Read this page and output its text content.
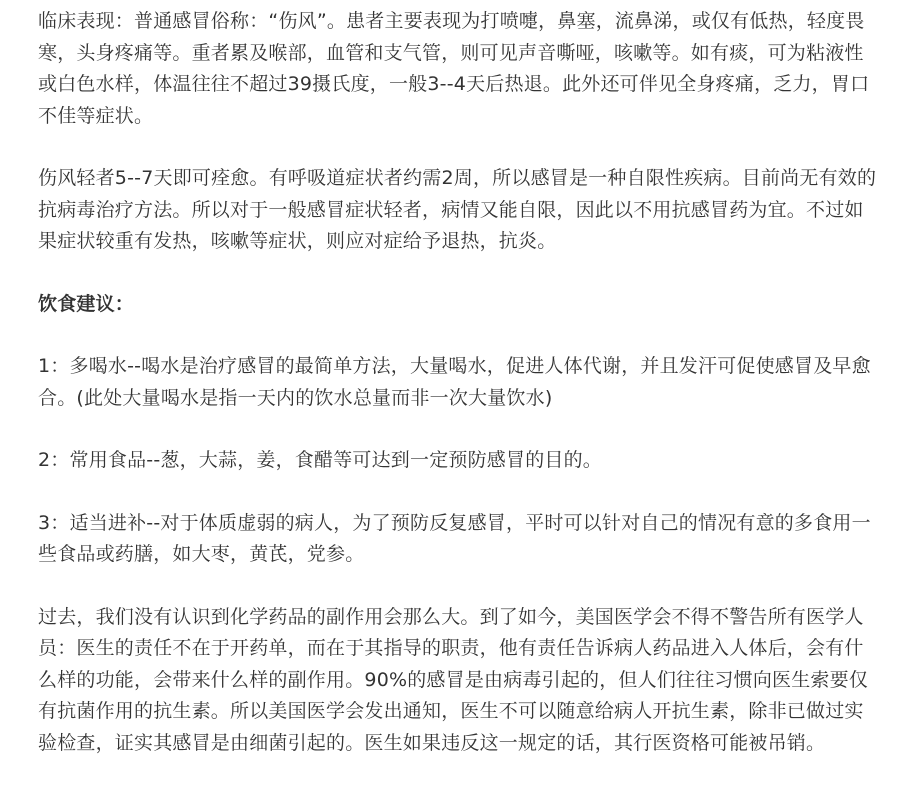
临床表现：普通感冒俗称：“伤风”。患者主要表现为打喷嚏，鼻塞，流鼻涕，或仅有低热，轻度畏寒，头身疼痛等。重者累及喉部，血管和支气管，则可见声音嘶哑，咳嗽等。如有痰，可为粘液性或白色水样，体温往往不超过39摄氏度，一般3--4天后热退。此外还可伴见全身疼痛，乏力，胃口不佳等症状。

伤风轻者5--7天即可痊愈。有呼吸道症状者约需2周，所以感冒是一种自限性疾病。目前尚无有效的抗病毒治疗方法。所以对于一般感冒症状轻者，病情又能自限，因此以不用抗感冒药为宜。不过如果症状较重有发热，咳嗽等症状，则应对症给予退热，抗炎。

饮食建议：

1：多喝水--喝水是治疗感冒的最简单方法，大量喝水，促进人体代谢，并且发汗可促使感冒及早愈合。(此处大量喝水是指一天内的饮水总量而非一次大量饮水)

2：常用食品--葱，大蒜，姜，食醋等可达到一定预防感冒的目的。

3：适当进补--对于体质虚弱的病人，为了预防反复感冒，平时可以针对自己的情况有意的多食用一些食品或药膳，如大枣，黄芪，党参。

过去，我们没有认识到化学药品的副作用会那么大。到了如今，美国医学会不得不警告所有医学人员：医生的责任不在于开药单，而在于其指导的职责，他有责任告诉病人药品进入人体后，会有什么样的功能，会带来什么样的副作用。90%的感冒是由病毒引起的，但人们往往习惯向医生索要仅有抗菌作用的抗生素。所以美国医学会发出通知，医生不可以随意给病人开抗生素，除非已做过实验检查，证实其感冒是由细菌引起的。医生如果违反这一规定的话，其行医资格可能被吊销。
